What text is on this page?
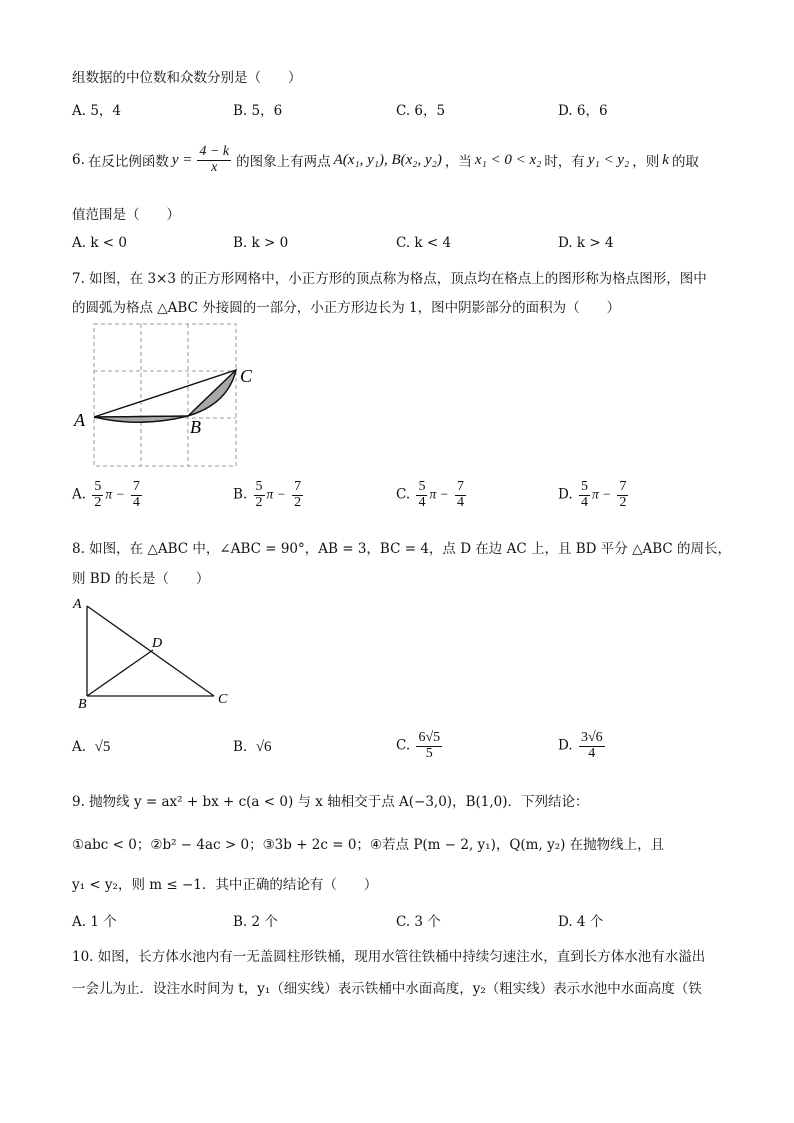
组数据的中位数和众数分别是（　　）
A. 5，4	B. 5，6	C. 6，5	D. 6，6
6. 在反比例函数 $y = \frac{4 - k}{x}$ 的图象上有两点 A(x₁, y₁), B(x₂, y₂) ，当 x₁ < 0 < x₂ 时，有 y₁ < y₂ ，则 k 的取
值范围是（　　）
A. k < 0	B. k > 0	C. k < 4	D. k > 4
7. 如图，在 3×3 的正方形网格中，小正方形的顶点称为格点，顶点均在格点上的图形称为格点图形，图中
的圆弧为格点 △ABC 外接圆的一部分，小正方形边长为 1，图中阴影部分的面积为（　　）
A	B
C
A. $\frac{5}{2}$ $\pi - \frac{7}{4}$	B. $\frac{5}{2}$ $\pi - \frac{7}{2}$	C. $\frac{5}{4}$ $\pi - \frac{7}{4}$	D. $\frac{5}{4}$ $\pi - \frac{7}{2}$
8. 如图，在 △ABC 中，∠ABC = 90°，AB = 3，BC = 4，点 D 在边 AC 上，且 BD 平分 △ABC 的周长，
则 BD 的长是（　　）
A
B	C
D
A. √5	B. √6	C. $\frac{6√5}{5}$	D. $\frac{3√6}{4}$
9. 抛物线 y = ax² + bx + c(a < 0) 与 x 轴相交于点 A(−3,0)，B(1,0)．下列结论：
①abc < 0；②b² − 4ac > 0；③3b + 2c = 0；④若点 P(m − 2, y₁)，Q(m, y₂) 在抛物线上，且
y₁ < y₂，则 m ≤ −1．其中正确的结论有（　　）
A. 1 个	B. 2 个	C. 3 个	D. 4 个
10. 如图，长方体水池内有一无盖圆柱形铁桶，现用水管往铁桶中持续匀速注水，直到长方体水池有水溢出
一会儿为止．设注水时间为 t，y₁（细实线）表示铁桶中水面高度，y₂（粗实线）表示水池中水面高度（铁
